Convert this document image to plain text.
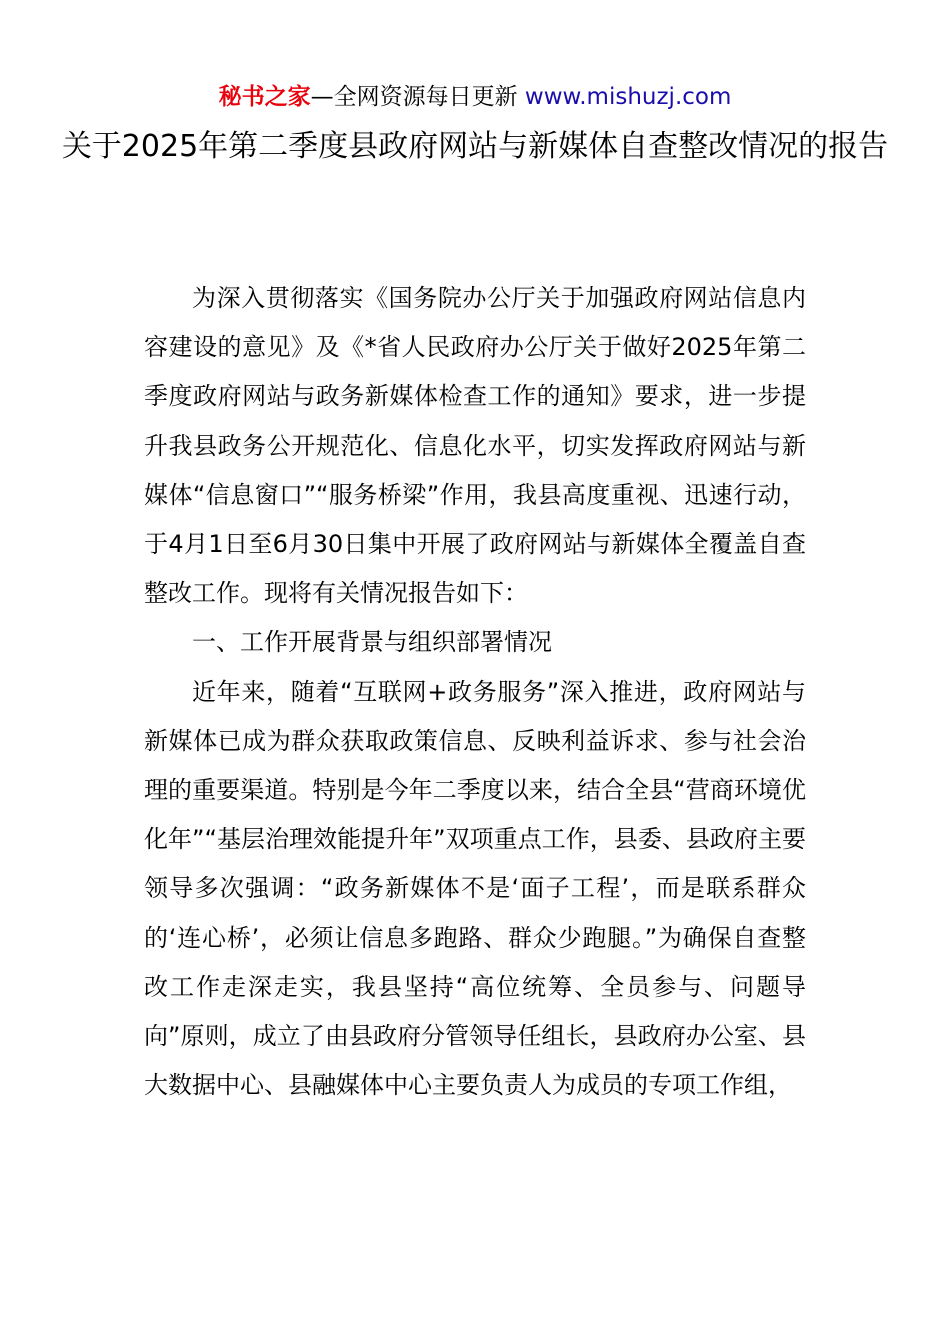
秘书之家—全网资源每日更新 www.mishuzj.com
关于2025年第二季度县政府网站与新媒体自查整改情况的报告

为深入贯彻落实《国务院办公厅关于加强政府网站信息内容建设的意见》及《*省人民政府办公厅关于做好2025年第二季度政府网站与政务新媒体检查工作的通知》要求，进一步提升我县政务公开规范化、信息化水平，切实发挥政府网站与新媒体“信息窗口”“服务桥梁”作用，我县高度重视、迅速行动，于4月1日至6月30日集中开展了政府网站与新媒体全覆盖自查整改工作。现将有关情况报告如下：

一、工作开展背景与组织部署情况

近年来，随着“互联网+政务服务”深入推进，政府网站与新媒体已成为群众获取政策信息、反映利益诉求、参与社会治理的重要渠道。特别是今年二季度以来，结合全县“营商环境优化年”“基层治理效能提升年”双项重点工作，县委、县政府主要领导多次强调：“政务新媒体不是‘面子工程’，而是联系群众的‘连心桥’，必须让信息多跑路、群众少跑腿。”为确保自查整改工作走深走实，我县坚持“高位统筹、全员参与、问题导向”原则，成立了由县政府分管领导任组长，县政府办公室、县大数据中心、县融媒体中心主要负责人为成员的专项工作组，
